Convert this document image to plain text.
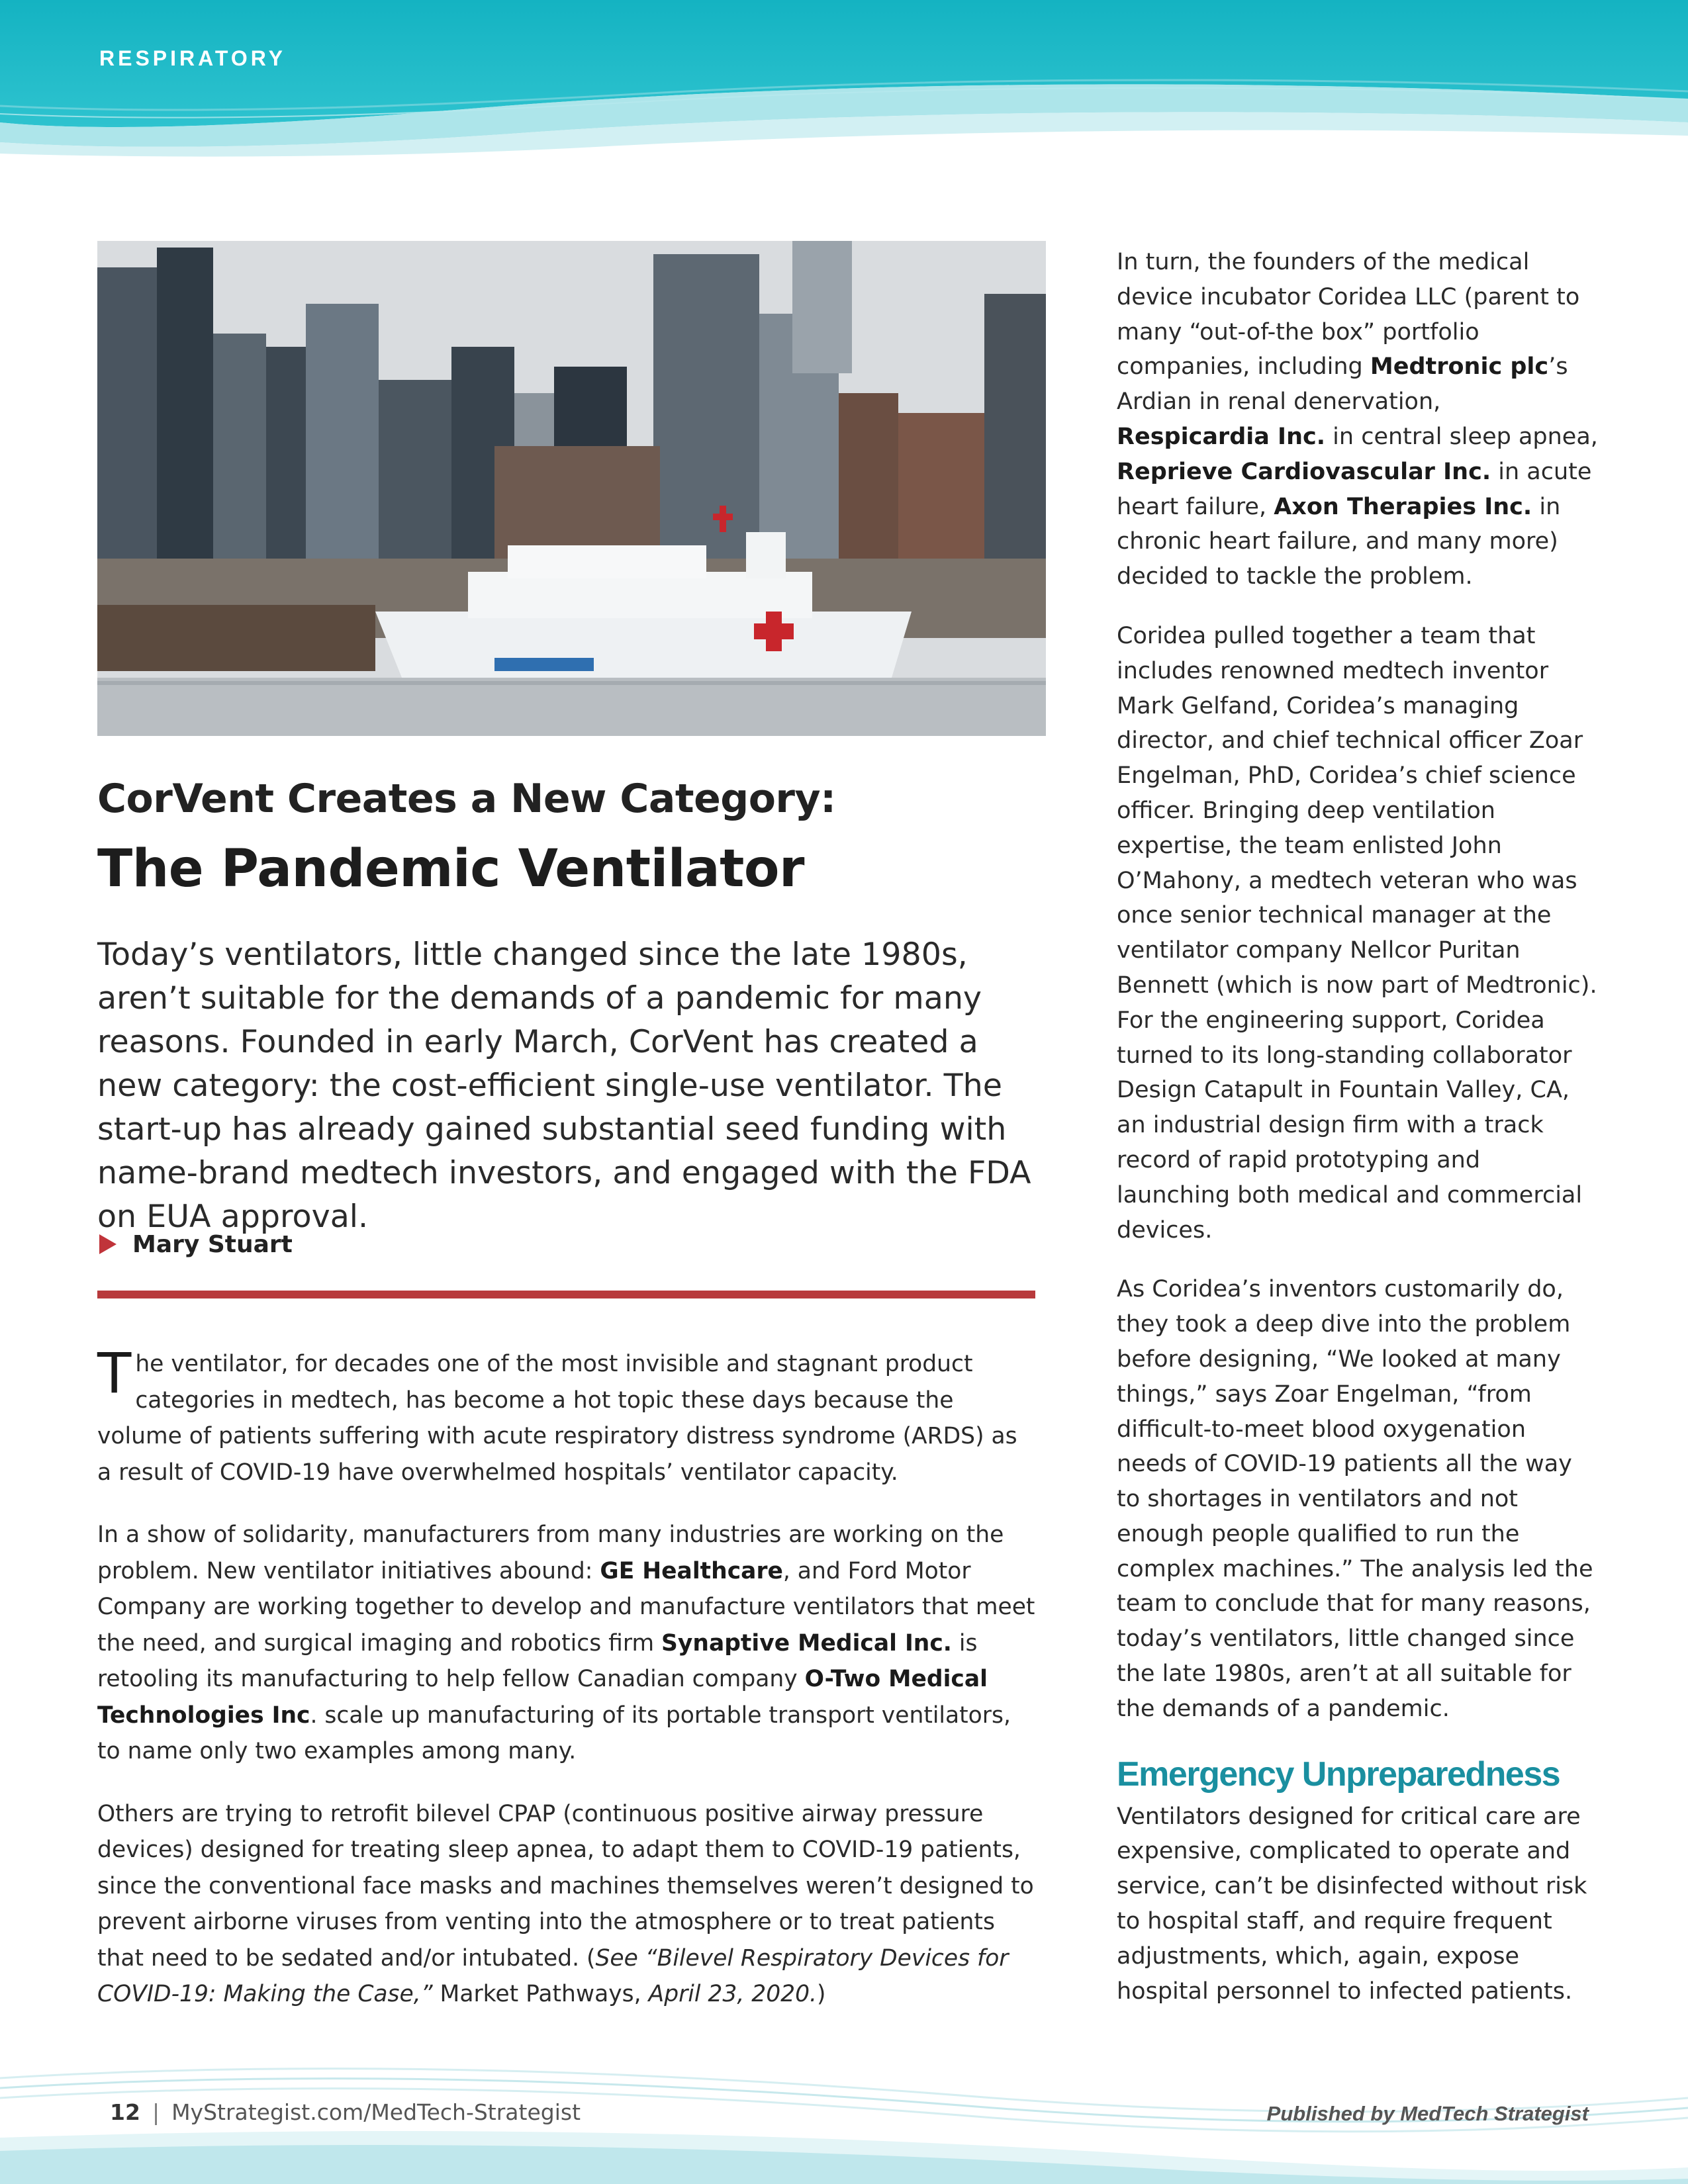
RESPIRATORY
CorVent Creates a New Category:
The Pandemic Ventilator

Today’s ventilators, little changed since the late 1980s, aren’t suitable for the demands of a pandemic for many reasons. Founded in early March, CorVent has created a new category: the cost-efficient single-use ventilator. The start-up has already gained substantial seed funding with name-brand medtech investors, and engaged with the FDA on EUA approval.

Mary Stuart

The ventilator, for decades one of the most invisible and stagnant product categories in medtech, has become a hot topic these days because the volume of patients suffering with acute respiratory distress syndrome (ARDS) as a result of COVID-19 have overwhelmed hospitals’ ventilator capacity.

In a show of solidarity, manufacturers from many industries are working on the problem. New ventilator initiatives abound: GE Healthcare, and Ford Motor Company are working together to develop and manufacture ventilators that meet the need, and surgical imaging and robotics firm Synaptive Medical Inc. is retooling its manufacturing to help fellow Canadian company O-Two Medical Technologies Inc. scale up manufacturing of its portable transport ventilators, to name only two examples among many.

Others are trying to retrofit bilevel CPAP (continuous positive airway pressure devices) designed for treating sleep apnea, to adapt them to COVID-19 patients, since the conventional face masks and machines themselves weren’t designed to prevent airborne viruses from venting into the atmosphere or to treat patients that need to be sedated and/or intubated. (See “Bilevel Respiratory Devices for COVID-19: Making the Case,” Market Pathways, April 23, 2020.)

In turn, the founders of the medical device incubator Coridea LLC (parent to many “out-of-the box” portfolio companies, including Medtronic plc’s Ardian in renal denervation, Respicardia Inc. in central sleep apnea, Reprieve Cardiovascular Inc. in acute heart failure, Axon Therapies Inc. in chronic heart failure, and many more) decided to tackle the problem.

Coridea pulled together a team that includes renowned medtech inventor Mark Gelfand, Coridea’s managing director, and chief technical officer Zoar Engelman, PhD, Coridea’s chief science officer. Bringing deep ventilation expertise, the team enlisted John O’Mahony, a medtech veteran who was once senior technical manager at the ventilator company Nellcor Puritan Bennett (which is now part of Medtronic). For the engineering support, Coridea turned to its long-standing collaborator Design Catapult in Fountain Valley, CA, an industrial design firm with a track record of rapid prototyping and launching both medical and commercial devices.

As Coridea’s inventors customarily do, they took a deep dive into the problem before designing, “We looked at many things,” says Zoar Engelman, “from difficult-to-meet blood oxygenation needs of COVID-19 patients all the way to shortages in ventilators and not enough people qualified to run the complex machines.” The analysis led the team to conclude that for many reasons, today’s ventilators, little changed since the late 1980s, aren’t at all suitable for the demands of a pandemic.

Emergency Unpreparedness

Ventilators designed for critical care are expensive, complicated to operate and service, can’t be disinfected without risk to hospital staff, and require frequent adjustments, which, again, expose hospital personnel to infected patients.

12 | MyStrategist.com/MedTech-Strategist	Published by MedTech Strategist
